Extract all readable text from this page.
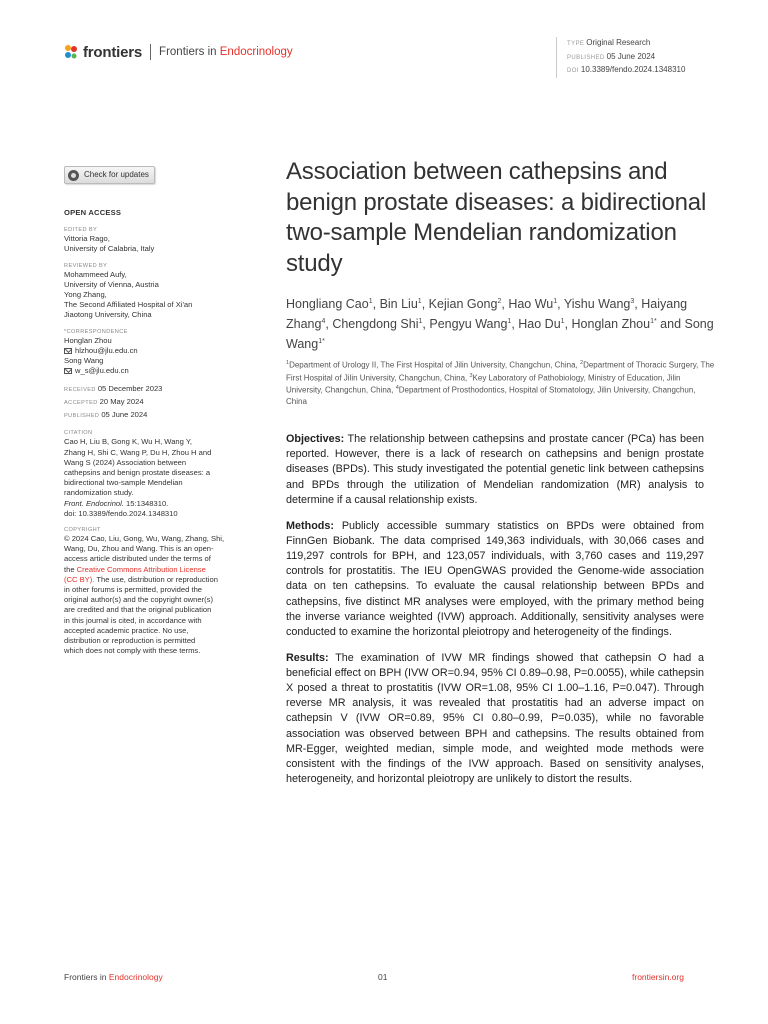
frontiers Frontiers in Endocrinology
TYPE Original Research
PUBLISHED 05 June 2024
DOI 10.3389/fendo.2024.1348310
Check for updates
OPEN ACCESS
EDITED BY
Vittoria Rago,
University of Calabria, Italy
REVIEWED BY
Mohammeed Aufy,
University of Vienna, Austria
Yong Zhang,
The Second Affiliated Hospital of Xi'an
Jiaotong University, China
*CORRESPONDENCE
Honglan Zhou
hlzhou@jlu.edu.cn
Song Wang
w_s@jlu.edu.cn
RECEIVED 05 December 2023
ACCEPTED 20 May 2024
PUBLISHED 05 June 2024
CITATION
Cao H, Liu B, Gong K, Wu H, Wang Y,
Zhang H, Shi C, Wang P, Du H, Zhou H and
Wang S (2024) Association between
cathepsins and benign prostate diseases: a
bidirectional two-sample Mendelian
randomization study.
Front. Endocrinol. 15:1348310.
doi: 10.3389/fendo.2024.1348310
COPYRIGHT
© 2024 Cao, Liu, Gong, Wu, Wang, Zhang, Shi,
Wang, Du, Zhou and Wang. This is an open-
access article distributed under the terms of
the Creative Commons Attribution License
(CC BY). The use, distribution or reproduction
in other forums is permitted, provided the
original author(s) and the copyright owner(s)
are credited and that the original publication
in this journal is cited, in accordance with
accepted academic practice. No use,
distribution or reproduction is permitted
which does not comply with these terms.
Association between cathepsins and benign prostate diseases: a bidirectional two-sample Mendelian randomization study
Hongliang Cao$^1$, Bin Liu$^1$, Kejian Gong$^2$, Hao Wu$^1$, Yishu Wang$^3$, Haiyang Zhang$^4$, Chengdong Shi$^1$, Pengyu Wang$^1$, Hao Du$^1$, Honglan Zhou$^{1*}$ and Song Wang$^{1*}$
$^1$Department of Urology II, The First Hospital of Jilin University, Changchun, China, $^2$Department of Thoracic Surgery, The First Hospital of Jilin University, Changchun, China, $^3$Key Laboratory of Pathobiology, Ministry of Education, Jilin University, Changchun, China, $^4$Department of Prosthodontics, Hospital of Stomatology, Jilin University, Changchun, China

Objectives: The relationship between cathepsins and prostate cancer (PCa) has been reported. However, there is a lack of research on cathepsins and benign prostate diseases (BPDs). This study investigated the potential genetic link between cathepsins and BPDs through the utilization of Mendelian randomization (MR) analysis to determine if a causal relationship exists.

Methods: Publicly accessible summary statistics on BPDs were obtained from FinnGen Biobank. The data comprised 149,363 individuals, with 30,066 cases and 119,297 controls for BPH, and 123,057 individuals, with 3,760 cases and 119,297 controls for prostatitis. The IEU OpenGWAS provided the Genome-wide association data on ten cathepsins. To evaluate the causal relationship between BPDs and cathepsins, five distinct MR analyses were employed, with the primary method being the inverse variance weighted (IVW) approach. Additionally, sensitivity analyses were conducted to examine the horizontal pleiotropy and heterogeneity of the findings.

Results: The examination of IVW MR findings showed that cathepsin O had a beneficial effect on BPH (IVW OR=0.94, 95% CI 0.89–0.98, P=0.0055), while cathepsin X posed a threat to prostatitis (IVW OR=1.08, 95% CI 1.00–1.16, P=0.047). Through reverse MR analysis, it was revealed that prostatitis had an adverse impact on cathepsin V (IVW OR=0.89, 95% CI 0.80–0.99, P=0.035), while no favorable association was observed between BPH and cathepsins. The results obtained from MR-Egger, weighted median, simple mode, and weighted mode methods were consistent with the findings of the IVW approach. Based on sensitivity analyses, heterogeneity, and horizontal pleiotropy are unlikely to distort the results.

Frontiers in Endocrinology	01	frontiersin.org
